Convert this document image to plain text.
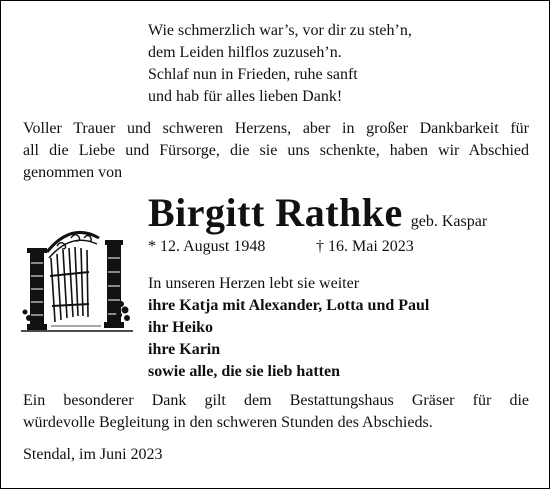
Wie schmerzlich war’s, vor dir zu steh’n,
dem Leiden hilflos zuzuseh’n.
Schlaf nun in Frieden, ruhe sanft
und hab für alles lieben Dank!
Voller Trauer und schweren Herzens, aber in großer Dankbarkeit für
all die Liebe und Fürsorge, die sie uns schenkte, haben wir Abschied
genommen von
Birgitt Rathke geb. Kaspar
* 12. August 1948	† 16. Mai 2023
In unseren Herzen lebt sie weiter
ihre Katja mit Alexander, Lotta und Paul
ihr Heiko
ihre Karin
sowie alle, die sie lieb hatten
Ein besonderer Dank gilt dem Bestattungshaus Gräser für die
würdevolle Begleitung in den schweren Stunden des Abschieds.
Stendal, im Juni 2023
